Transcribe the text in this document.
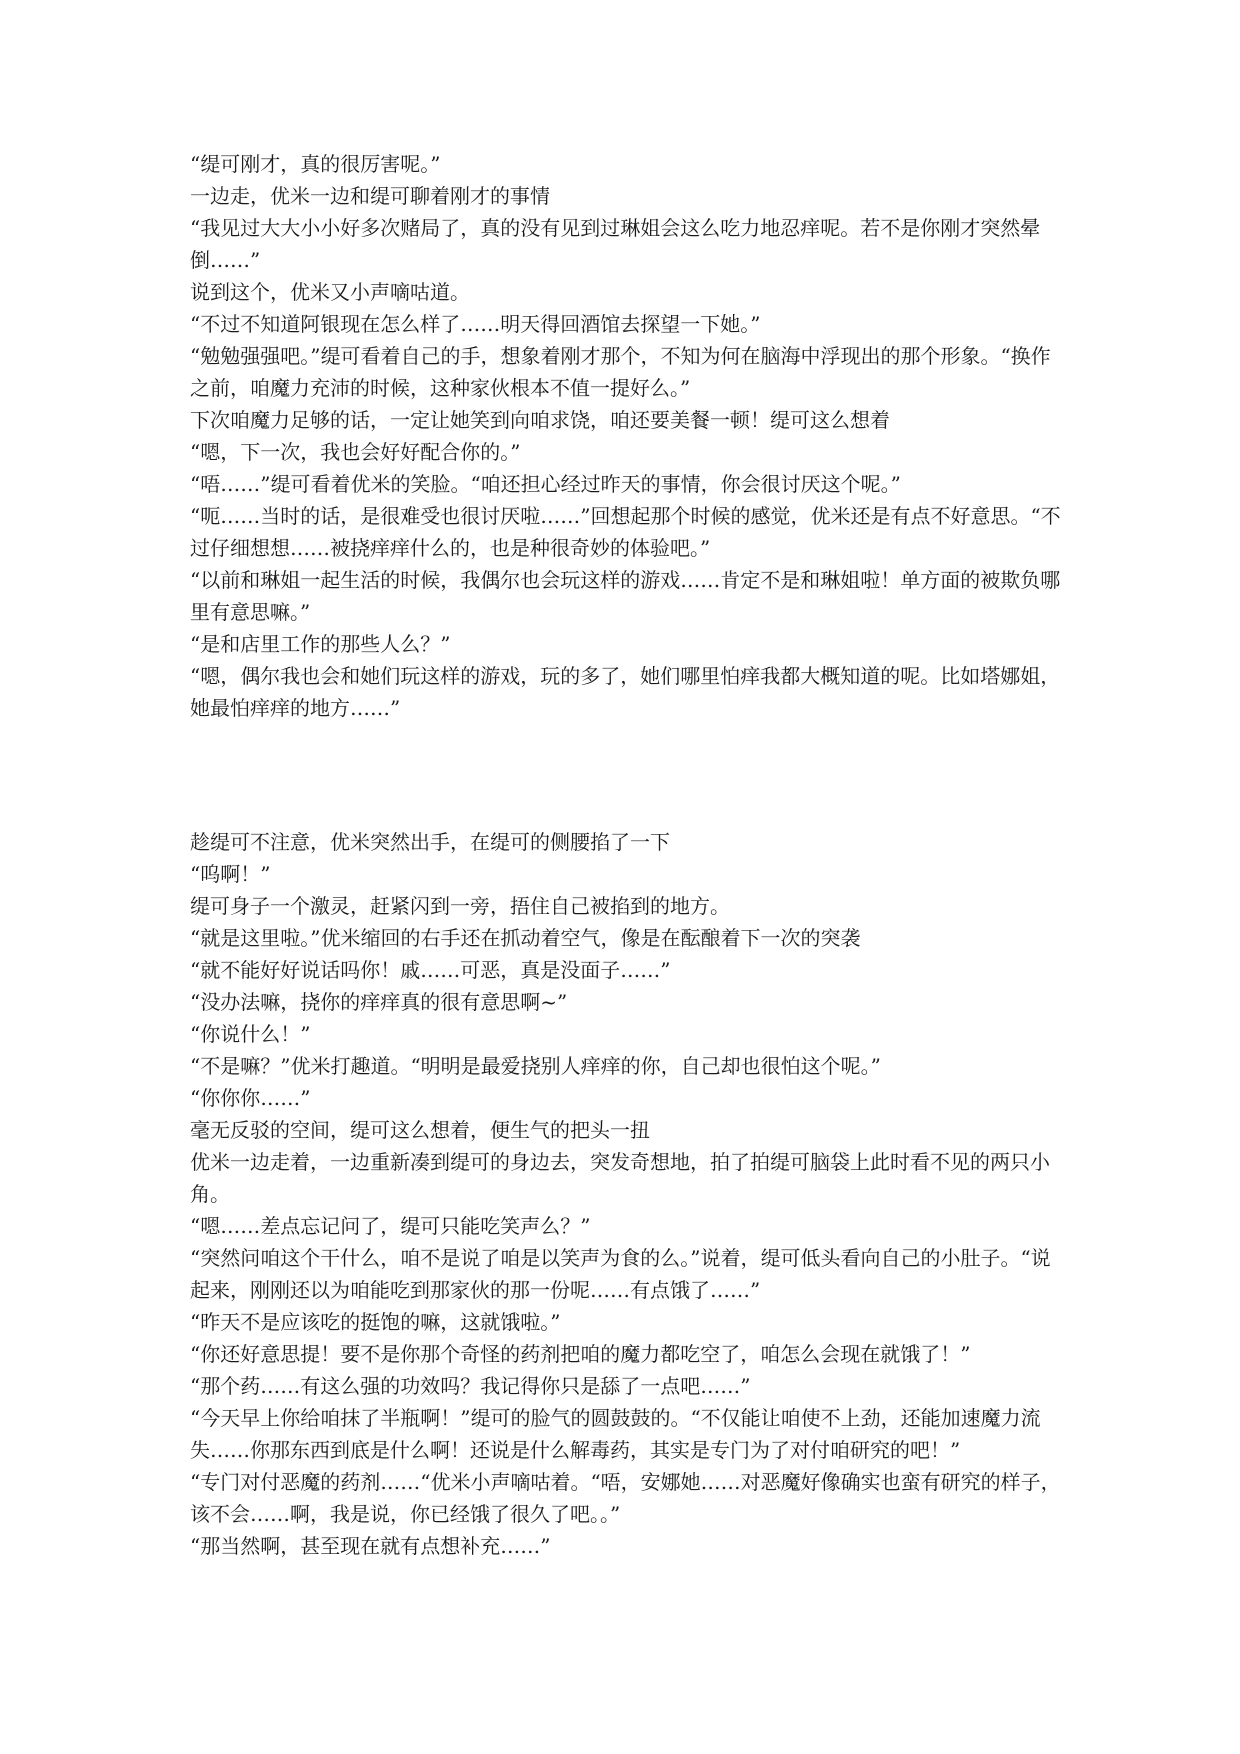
“缇可刚才，真的很厉害呢。”

一边走，优米一边和缇可聊着刚才的事情

“我见过大大小小好多次赌局了，真的没有见到过琳姐会这么吃力地忍痒呢。若不是你刚才突然晕倒……”

说到这个，优米又小声嘀咕道。

“不过不知道阿银现在怎么样了……明天得回酒馆去探望一下她。”

“勉勉强强吧。”缇可看着自己的手，想象着刚才那个，不知为何在脑海中浮现出的那个形象。“换作之前，咱魔力充沛的时候，这种家伙根本不值一提好么。”

下次咱魔力足够的话，一定让她笑到向咱求饶，咱还要美餐一顿！缇可这么想着

“嗯，下一次，我也会好好配合你的。”

“唔……”缇可看着优米的笑脸。“咱还担心经过昨天的事情，你会很讨厌这个呢。”

“呃……当时的话，是很难受也很讨厌啦……”回想起那个时候的感觉，优米还是有点不好意思。“不过仔细想想……被挠痒痒什么的，也是种很奇妙的体验吧。”

“以前和琳姐一起生活的时候，我偶尔也会玩这样的游戏……肯定不是和琳姐啦！单方面的被欺负哪里有意思嘛。”

“是和店里工作的那些人么？”

“嗯，偶尔我也会和她们玩这样的游戏，玩的多了，她们哪里怕痒我都大概知道的呢。比如塔娜姐，她最怕痒痒的地方……”

趁缇可不注意，优米突然出手，在缇可的侧腰掐了一下

“呜啊！”

缇可身子一个激灵，赶紧闪到一旁，捂住自己被掐到的地方。

“就是这里啦。”优米缩回的右手还在抓动着空气，像是在酝酿着下一次的突袭

“就不能好好说话吗你！戚……可恶，真是没面子……”

“没办法嘛，挠你的痒痒真的很有意思啊~”

“你说什么！”

“不是嘛？”优米打趣道。“明明是最爱挠别人痒痒的你，自己却也很怕这个呢。”

“你你你……”

毫无反驳的空间，缇可这么想着，便生气的把头一扭

优米一边走着，一边重新凑到缇可的身边去，突发奇想地，拍了拍缇可脑袋上此时看不见的两只小角。

“嗯……差点忘记问了，缇可只能吃笑声么？”

“突然问咱这个干什么，咱不是说了咱是以笑声为食的么。”说着，缇可低头看向自己的小肚子。“说起来，刚刚还以为咱能吃到那家伙的那一份呢……有点饿了……”

“昨天不是应该吃的挺饱的嘛，这就饿啦。”

“你还好意思提！要不是你那个奇怪的药剂把咱的魔力都吃空了，咱怎么会现在就饿了！”

“那个药……有这么强的功效吗？我记得你只是舔了一点吧……”

“今天早上你给咱抹了半瓶啊！”缇可的脸气的圆鼓鼓的。“不仅能让咱使不上劲，还能加速魔力流失……你那东西到底是什么啊！还说是什么解毒药，其实是专门为了对付咱研究的吧！”

“专门对付恶魔的药剂……“优米小声嘀咕着。“唔，安娜她……对恶魔好像确实也蛮有研究的样子，该不会……啊，我是说，你已经饿了很久了吧。。”

“那当然啊，甚至现在就有点想补充……”
